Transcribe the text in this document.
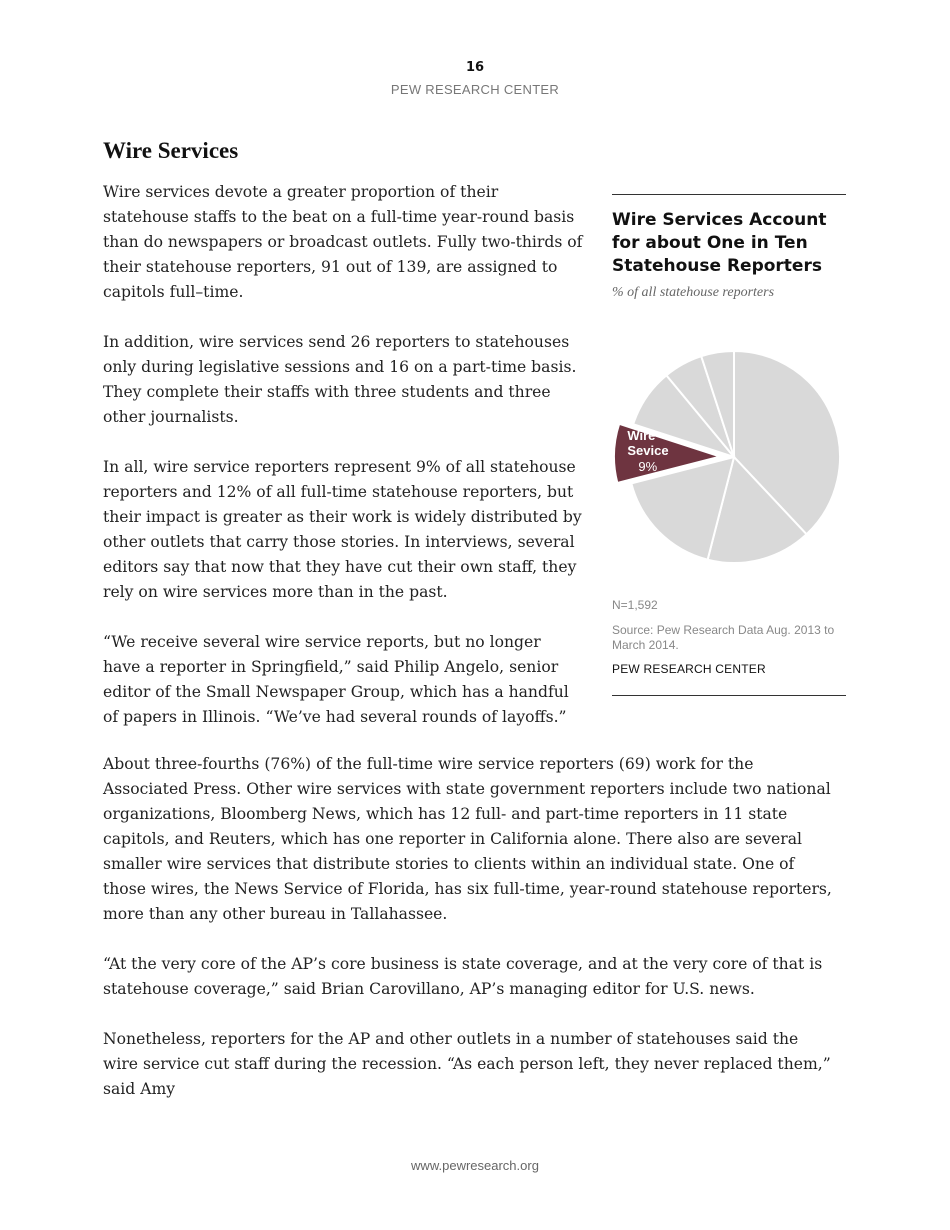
16
PEW RESEARCH CENTER
Wire Services

Wire services devote a greater proportion of their statehouse staffs to the beat on a full-time year-round basis than do newspapers or broadcast outlets. Fully two-thirds of their statehouse reporters, 91 out of 139, are assigned to capitols full–time.

In addition, wire services send 26 reporters to statehouses only during legislative sessions and 16 on a part-time basis. They complete their staffs with three students and three other journalists.

In all, wire service reporters represent 9% of all statehouse reporters and 12% of all full-time statehouse reporters, but their impact is greater as their work is widely distributed by other outlets that carry those stories. In interviews, several editors say that now that they have cut their own staff, they rely on wire services more than in the past.

“We receive several wire service reports, but no longer have a reporter in Springfield,” said Philip Angelo, senior editor of the Small Newspaper Group, which has a handful of papers in Illinois. “We’ve had several rounds of layoffs.”

Wire Services Account for about One in Ten Statehouse Reporters
% of all statehouse reporters
Wire Sevice
9%
N=1,592
Source: Pew Research Data Aug. 2013 to March 2014.
PEW RESEARCH CENTER

About three-fourths (76%) of the full-time wire service reporters (69) work for the Associated Press. Other wire services with state government reporters include two national organizations, Bloomberg News, which has 12 full- and part-time reporters in 11 state capitols, and Reuters, which has one reporter in California alone. There also are several smaller wire services that distribute stories to clients within an individual state. One of those wires, the News Service of Florida, has six full-time, year-round statehouse reporters, more than any other bureau in Tallahassee.

“At the very core of the AP’s core business is state coverage, and at the very core of that is statehouse coverage,” said Brian Carovillano, AP’s managing editor for U.S. news.

Nonetheless, reporters for the AP and other outlets in a number of statehouses said the wire service cut staff during the recession. “As each person left, they never replaced them,” said Amy

www.pewresearch.org
